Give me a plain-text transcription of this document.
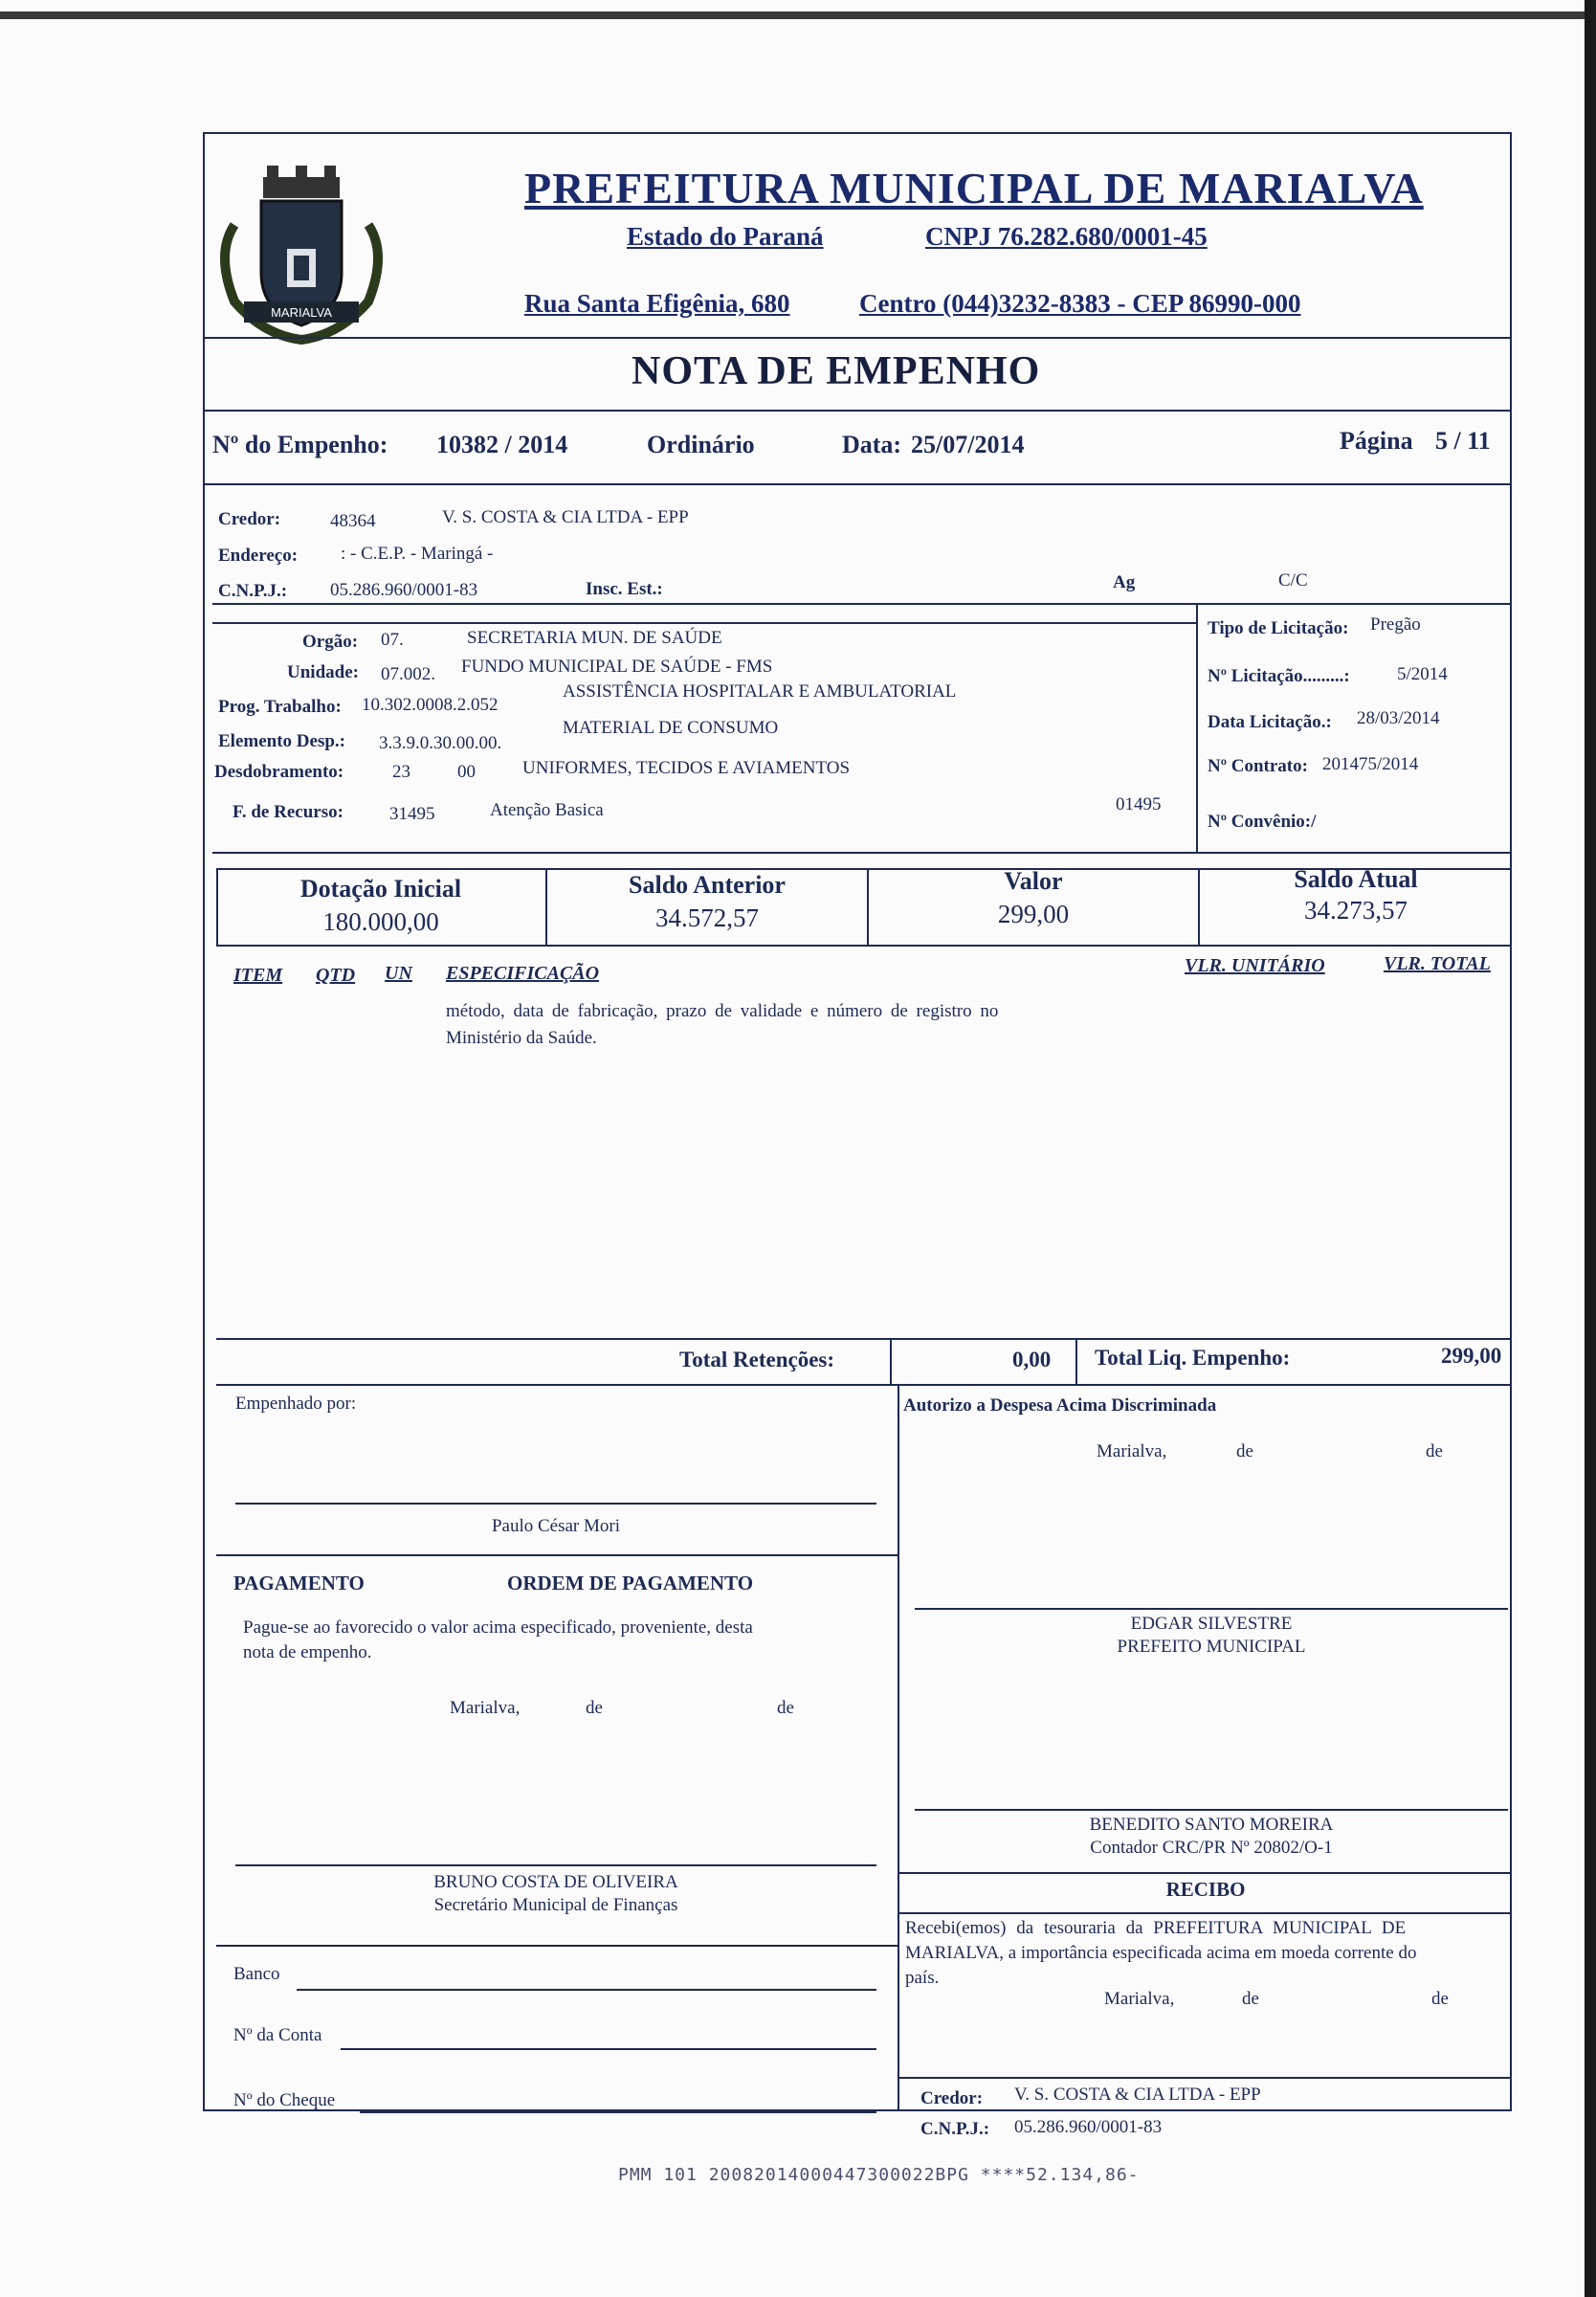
MARIALVA
PREFEITURA MUNICIPAL DE MARIALVA
Estado do Paraná	CNPJ 76.282.680/0001-45
Rua Santa Efigênia, 680	Centro (044)3232-8383 - CEP 86990-000
NOTA DE EMPENHO
Nº do Empenho: 10382 / 2014	Ordinário	Data: 25/07/2014	Página 5 / 11
Credor:	48364	V. S. COSTA & CIA LTDA - EPP
Endereço: : - C.E.P. - Maringá -
C.N.P.J.: 05.286.960/0001-83	Insc. Est.:	Ag	C/C
Orgão: 07.	SECRETARIA MUN. DE SAÚDE
Unidade: 07.002. FUNDO MUNICIPAL DE SAÚDE - FMS
Prog. Trabalho: 10.302.0008.2.052
ASSISTÊNCIA HOSPITALAR E AMBULATORIAL
Elemento Desp.: 3.3.9.0.30.00.00.
MATERIAL DE CONSUMO
Desdobramento:	23	00	UNIFORMES, TECIDOS E AVIAMENTOS
F. de Recurso:	31495	Atenção Basica	01495
Tipo de Licitação: Pregão
Nº Licitação.........:	5/2014
Data Licitação.: 28/03/2014
Nº Contrato: 201475/2014
Nº Convênio:/
Dotação Inicial
180.000,00
Saldo Anterior
34.572,57
Valor
299,00
Saldo Atual
34.273,57
ITEM QTD UN ESPECIFICAÇÃO	VLR. UNITÁRIO	VLR. TOTAL
método, data de fabricação, prazo de validade e número de registro no
Ministério da Saúde.
Total Retenções:	0,00 Total Liq. Empenho:	299,00
Empenhado por:
Paulo César Mori
Autorizo a Despesa Acima Discriminada
Marialva,	de	de
PAGAMENTO	ORDEM DE PAGAMENTO
Pague-se ao favorecido o valor acima especificado, proveniente, desta
nota de empenho.
Marialva,	de	de
EDGAR SILVESTRE
PREFEITO MUNICIPAL
BENEDITO SANTO MOREIRA
Contador CRC/PR Nº 20802/O-1
BRUNO COSTA DE OLIVEIRA
Secretário Municipal de Finanças
RECIBO
Recebi(emos) da tesouraria da PREFEITURA MUNICIPAL DE
MARIALVA, a importância especificada acima em moeda corrente do
país.
Marialva,	de	de
Credor: V. S. COSTA & CIA LTDA - EPP
C.N.P.J.: 05.286.960/0001-83
Banco
Nº da Conta
Nº do Cheque
PMM 101 20082014000447300022BPG ****52.134,86-
